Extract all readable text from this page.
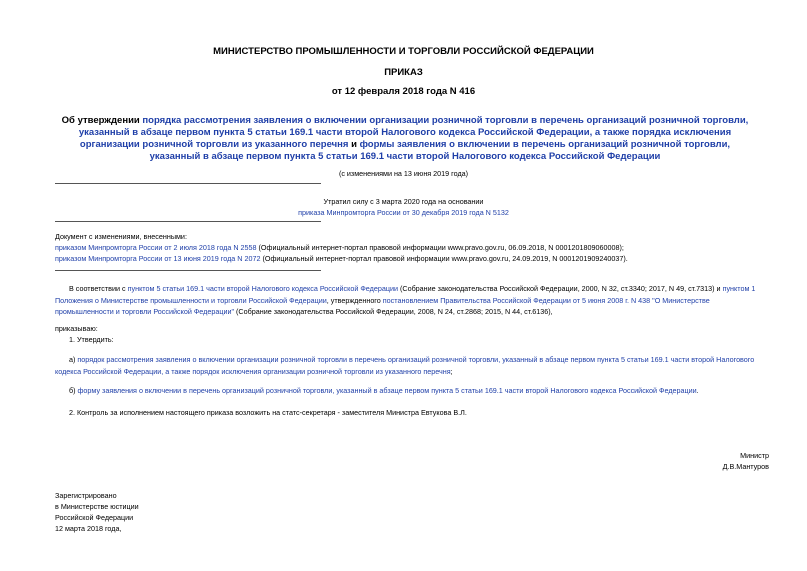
МИНИСТЕРСТВО ПРОМЫШЛЕННОСТИ И ТОРГОВЛИ РОССИЙСКОЙ ФЕДЕРАЦИИ
ПРИКАЗ
от 12 февраля 2018 года N 416
Об утверждении порядка рассмотрения заявления о включении организации розничной торговли в перечень организаций розничной торговли, указанный в абзаце первом пункта 5 статьи 169.1 части второй Налогового кодекса Российской Федерации, а также порядка исключения организации розничной торговли из указанного перечня и формы заявления о включении в перечень организаций розничной торговли, указанный в абзаце первом пункта 5 статьи 169.1 части второй Налогового кодекса Российской Федерации
(с изменениями на 13 июня 2019 года)
Утратил силу с 3 марта 2020 года на основании
приказа Минпромторга России от 30 декабря 2019 года N 5132
Документ с изменениями, внесенными:
приказом Минпромторга России от 2 июля 2018 года N 2558 (Официальный интернет-портал правовой информации www.pravo.gov.ru, 06.09.2018, N 0001201809060008);
приказом Минпромторга России от 13 июня 2019 года N 2072 (Официальный интернет-портал правовой информации www.pravo.gov.ru, 24.09.2019, N 0001201909240037).
В соответствии с пунктом 5 статьи 169.1 части второй Налогового кодекса Российской Федерации (Собрание законодательства Российской Федерации, 2000, N 32, ст.3340; 2017, N 49, ст.7313) и пунктом 1 Положения о Министерстве промышленности и торговли Российской Федерации, утвержденного постановлением Правительства Российской Федерации от 5 июня 2008 г. N 438 "О Министерстве промышленности и торговли Российской Федерации" (Собрание законодательства Российской Федерации, 2008, N 24, ст.2868; 2015, N 44, ст.6136),
приказываю:
1. Утвердить:
а) порядок рассмотрения заявления о включении организации розничной торговли в перечень организаций розничной торговли, указанный в абзаце первом пункта 5 статьи 169.1 части второй Налогового кодекса Российской Федерации, а также порядок исключения организации розничной торговли из указанного перечня;
б) форму заявления о включении в перечень организаций розничной торговли, указанный в абзаце первом пункта 5 статьи 169.1 части второй Налогового кодекса Российской Федерации.
2. Контроль за исполнением настоящего приказа возложить на статс-секретаря - заместителя Министра Евтукова В.Л.
Министр
Д.В.Мантуров
Зарегистрировано
в Министерстве юстиции
Российской Федерации
12 марта 2018 года,
